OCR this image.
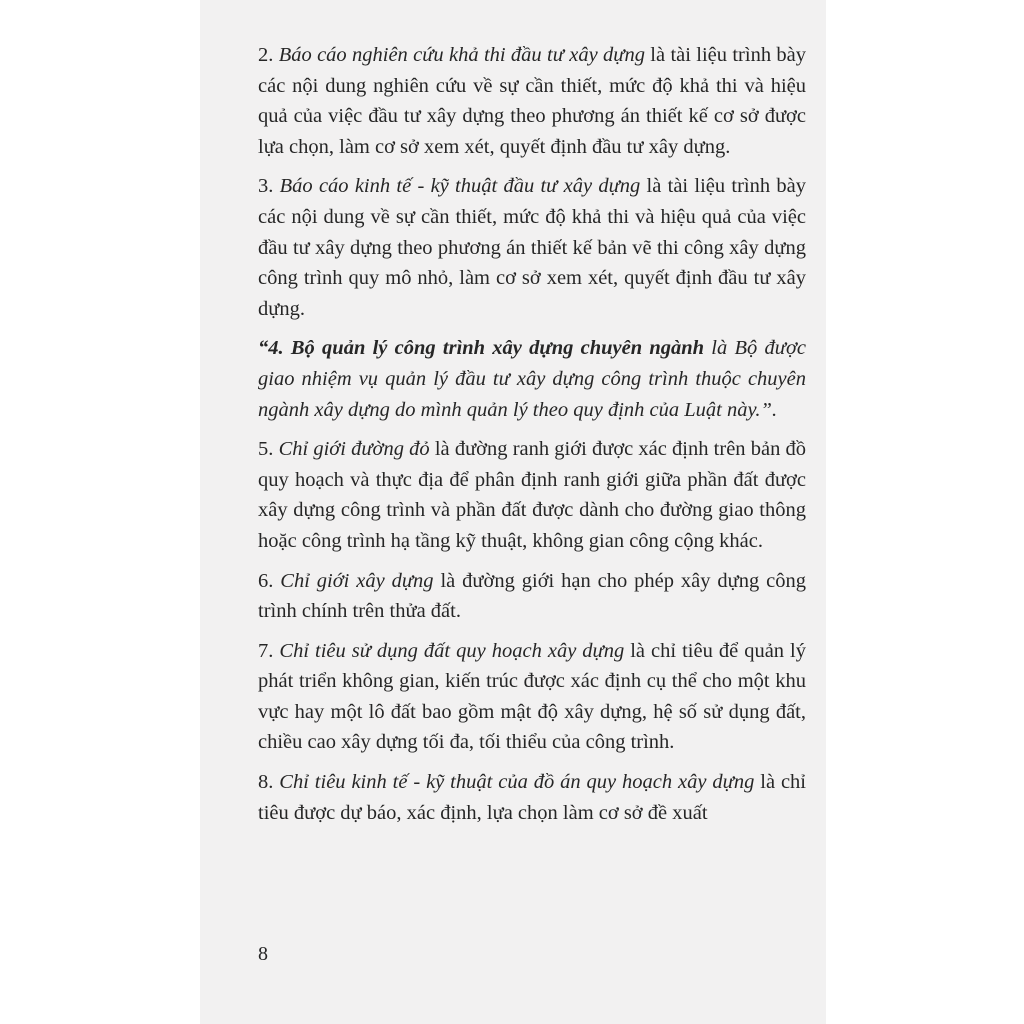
2. Báo cáo nghiên cứu khả thi đầu tư xây dựng là tài liệu trình bày các nội dung nghiên cứu về sự cần thiết, mức độ khả thi và hiệu quả của việc đầu tư xây dựng theo phương án thiết kế cơ sở được lựa chọn, làm cơ sở xem xét, quyết định đầu tư xây dựng.

3. Báo cáo kinh tế - kỹ thuật đầu tư xây dựng là tài liệu trình bày các nội dung về sự cần thiết, mức độ khả thi và hiệu quả của việc đầu tư xây dựng theo phương án thiết kế bản vẽ thi công xây dựng công trình quy mô nhỏ, làm cơ sở xem xét, quyết định đầu tư xây dựng.

“4. Bộ quản lý công trình xây dựng chuyên ngành là Bộ được giao nhiệm vụ quản lý đầu tư xây dựng công trình thuộc chuyên ngành xây dựng do mình quản lý theo quy định của Luật này.”.

5. Chỉ giới đường đỏ là đường ranh giới được xác định trên bản đồ quy hoạch và thực địa để phân định ranh giới giữa phần đất được xây dựng công trình và phần đất được dành cho đường giao thông hoặc công trình hạ tầng kỹ thuật, không gian công cộng khác.

6. Chỉ giới xây dựng là đường giới hạn cho phép xây dựng công trình chính trên thửa đất.

7. Chỉ tiêu sử dụng đất quy hoạch xây dựng là chỉ tiêu để quản lý phát triển không gian, kiến trúc được xác định cụ thể cho một khu vực hay một lô đất bao gồm mật độ xây dựng, hệ số sử dụng đất, chiều cao xây dựng tối đa, tối thiểu của công trình.

8. Chỉ tiêu kinh tế - kỹ thuật của đồ án quy hoạch xây dựng là chỉ tiêu được dự báo, xác định, lựa chọn làm cơ sở đề xuất

8
